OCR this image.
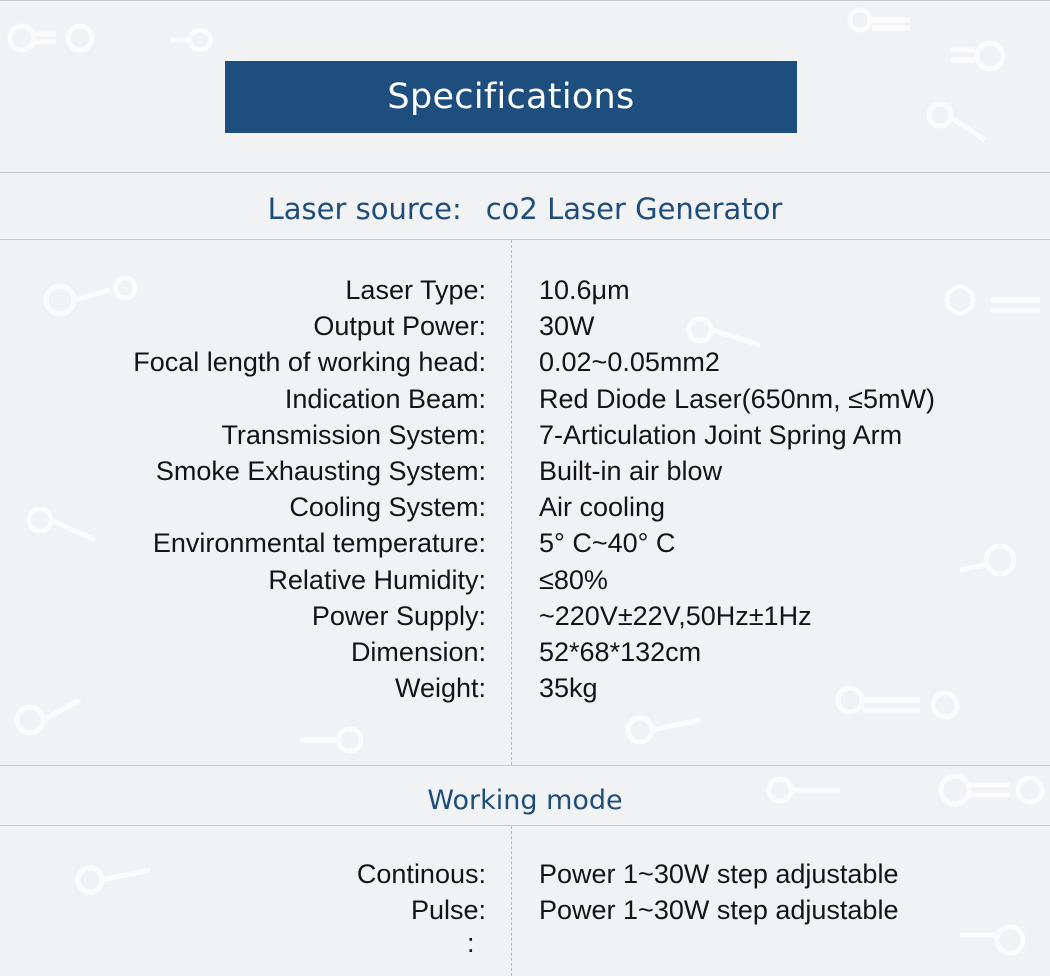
Specifications
Laser source: co2 Laser Generator
Laser Type: 10.6μm
Output Power: 30W
Focal length of working head: 0.02~0.05mm2
Indication Beam: Red Diode Laser(650nm, ≤5mW)
Transmission System: 7-Articulation Joint Spring Arm
Smoke Exhausting System: Built-in air blow
Cooling System: Air cooling
Environmental temperature: 5° C~40° C
Relative Humidity: ≤80%
Power Supply: ~220V±22V,50Hz±1Hz
Dimension: 52*68*132cm
Weight: 35kg
Working mode
Continous: Power 1~30W step adjustable
Pulse: Power 1~30W step adjustable
:
